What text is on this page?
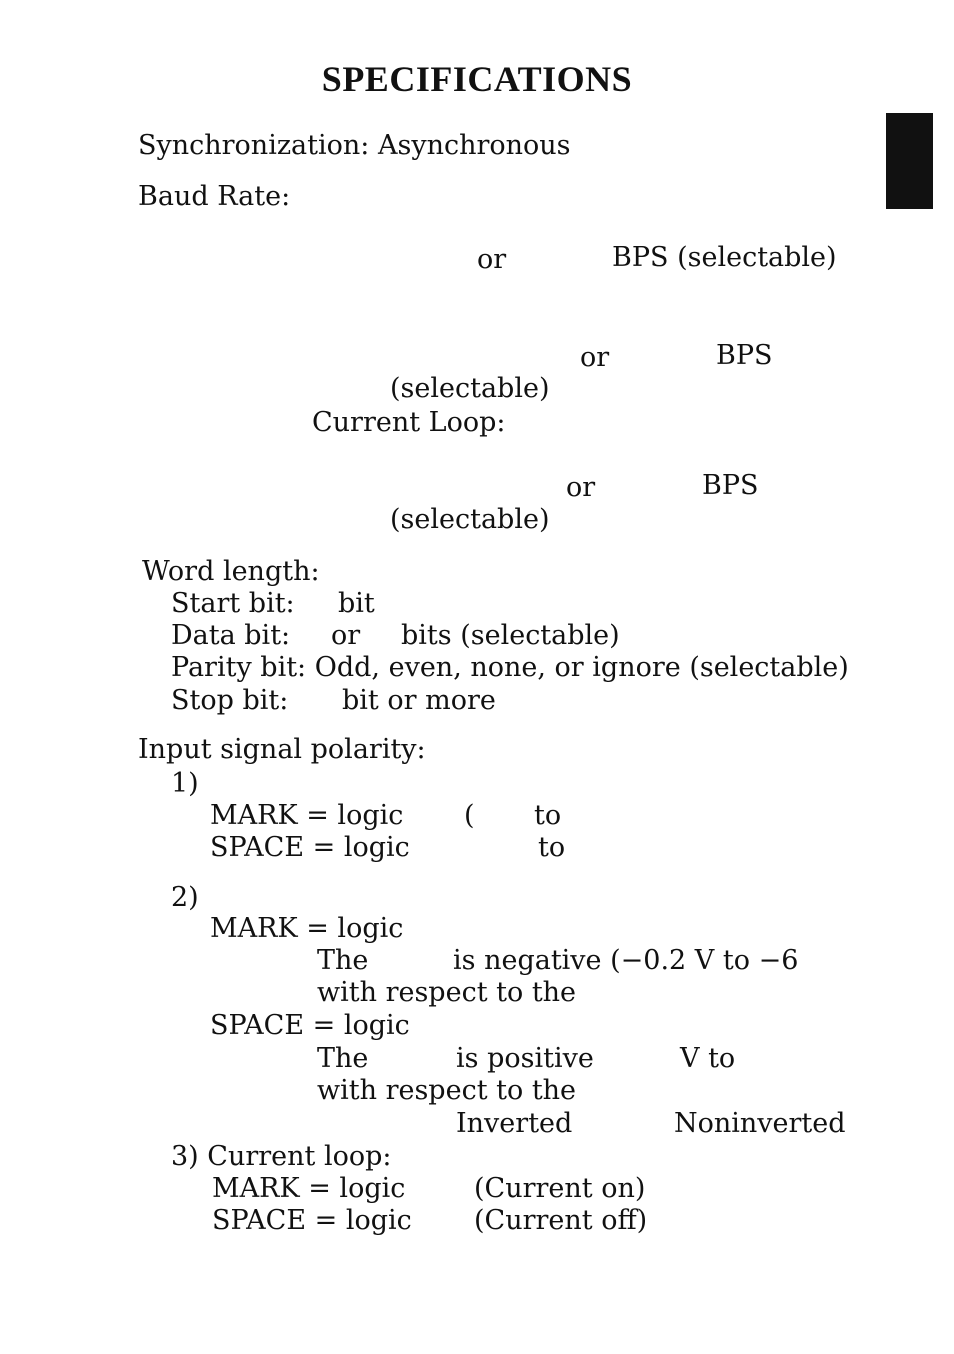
SPECIFICATIONS
Synchronization: Asynchronous
Baud Rate:
or	BPS (selectable)
or	BPS
(selectable)
Current Loop:
or	BPS
(selectable)
Word length:
Start bit: bit
Data bit: or bits (selectable)
Parity bit: Odd, even, none, or ignore (selectable)
Stop bit: bit or more
Input signal polarity:
1)
MARK = logic ( to
SPACE = logic	to
2)
MARK = logic
The	is negative (−0.2 V to −6
with respect to the
SPACE = logic
The	is positive	V to
with respect to the
Inverted	Noninverted
3) Current loop:
MARK = logic	(Current on)
SPACE = logic (Current off)
